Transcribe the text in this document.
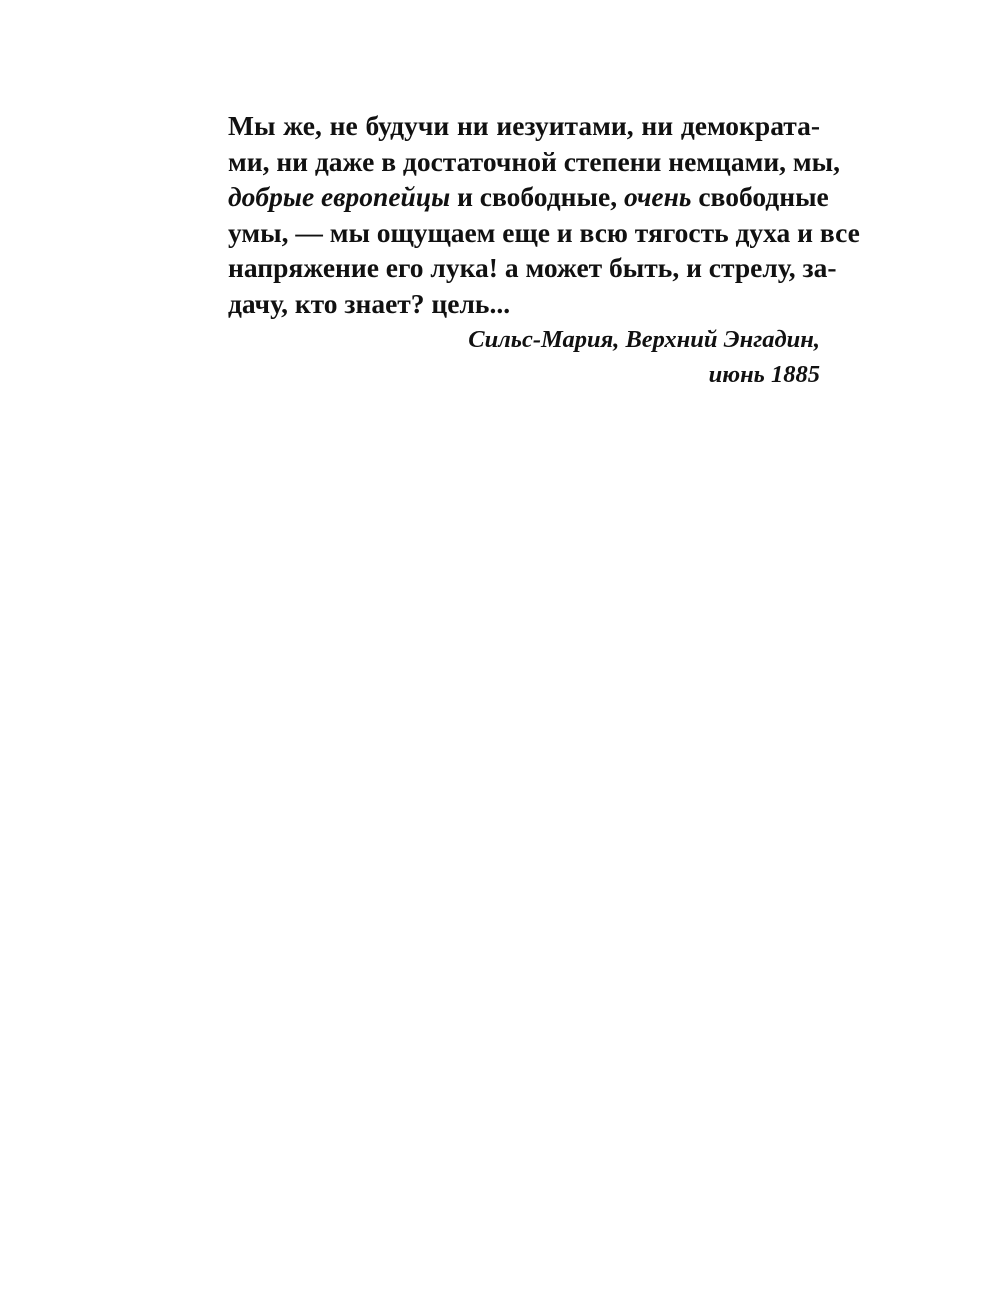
Мы же, не будучи ни иезуитами, ни демократа-
ми, ни даже в достаточной степени немцами, мы,
добрые европейцы и свободные, очень свободные
умы, — мы ощущаем еще и всю тягость духа и все
напряжение его лука! а может быть, и стрелу, за-
дачу, кто знает? цель...
Сильс-Мария, Верхний Энгадин,
июнь 1885
